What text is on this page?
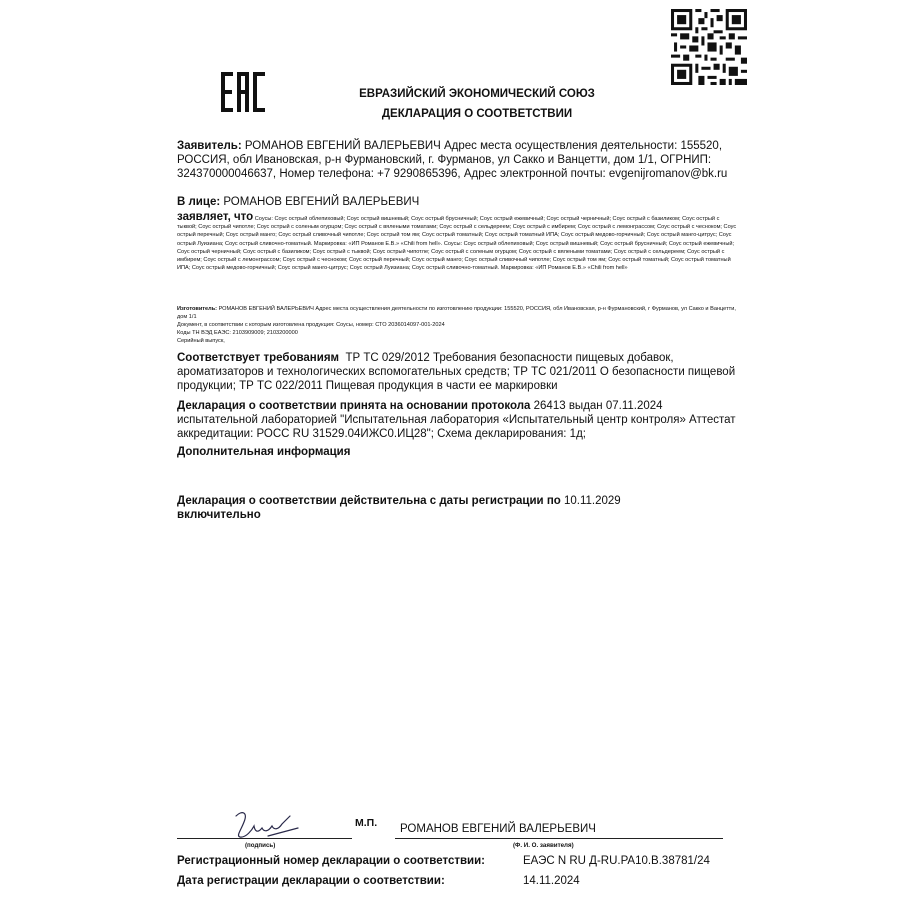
ЕВРАЗИЙСКИЙ ЭКОНОМИЧЕСКИЙ СОЮЗ
ДЕКЛАРАЦИЯ О СООТВЕТСТВИИ
Заявитель: РОМАНОВ ЕВГЕНИЙ ВАЛЕРЬЕВИЧ Адрес места осуществления деятельности: 155520, РОССИЯ, обл Ивановская, р-н Фурмановский, г. Фурманов, ул Сакко и Ванцетти, дом 1/1, ОГРНИП: 324370000046637, Номер телефона: +7 9290865396, Адрес электронной почты: evgenijromanov@bk.ru
В лице: РОМАНОВ ЕВГЕНИЙ ВАЛЕРЬЕВИЧ
заявляет, что Соусы: Соус острый облепиховый; Соус острый вишневый; Соус острый брусничный; Соус острый ежевичный; Соус острый черничный; Соус острый с базиликом; Соус острый с тыквой; Соус острый чипотле; Соус острый с соленым огурцом; Соус острый с вялеными томатами; Соус острый с сельдереем; Соус острый с имбирем; Соус острый с лемонграссом; Соус острый с чесноком; Соус острый перечный; Соус острый манго; Соус острый сливочный чипотле; Соус острый том ям; Соус острый томатный; Соус острый томатный ИПА; Соус острый медово-горчичный; Соус острый манго-цитрус; Соус острый Луизиана; Соус острый сливочно-томатный. Маркировка: «ИП Романов Е.В.» «Chili from hell». Соусы: Соус острый облепиховый; Соус острый вишневый; Соус острый брусничный; Соус острый ежевичный; Соус острый черничный; Соус острый с базиликом; Соус острый с тыквой; Соус острый чипотле; Соус острый с соленым огурцом; Соус острый с вялеными томатами; Соус острый с сельдереем; Соус острый с имбирем; Соус острый с лемонграссом; Соус острый с чесноком; Соус острый перечный; Соус острый манго; Соус острый сливочный чипотле; Соус острый том ям; Соус острый томатный; Соус острый томатный ИПА; Соус острый медово-горчичный; Соус острый манго-цитрус; Соус острый Луизиана; Соус острый сливочно-томатный. Маркировка: «ИП Романов Е.В.» «Chili from hell»
Изготовитель: РОМАНОВ ЕВГЕНИЙ ВАЛЕРЬЕВИЧ Адрес места осуществления деятельности по изготовлению продукции: 155520, РОССИЯ, обл Ивановская, р-н Фурмановский, г Фурманов, ул Сакко и Ванцетти, дом 1/1
Документ, в соответствии с которым изготовлена продукция: Соусы, номер: СТО 2036014097-001-2024
Коды ТН ВЭД ЕАЭС: 2103909009; 2103200000
Серийный выпуск,
Соответствует требованиям ТР ТС 029/2012 Требования безопасности пищевых добавок, ароматизаторов и технологических вспомогательных средств; ТР ТС 021/2011 О безопасности пищевой продукции; ТР ТС 022/2011 Пищевая продукция в части ее маркировки
Декларация о соответствии принята на основании протокола 26413 выдан 07.11.2024 испытательной лабораторией "Испытательная лаборатория «Испытательный центр контроля» Аттестат аккредитации: РОСС RU 31529.04ИЖС0.ИЦ28"; Схема декларирования: 1д;
Дополнительная информация
Декларация о соответствии действительна с даты регистрации по 10.11.2029
включительно
М.П. РОМАНОВ ЕВГЕНИЙ ВАЛЕРЬЕВИЧ
(подпись)	(Ф. И. О. заявителя)
Регистрационный номер декларации о соответствии:	ЕАЭС N RU Д-RU.PA10.B.38781/24
Дата регистрации декларации о соответствии:	14.11.2024
